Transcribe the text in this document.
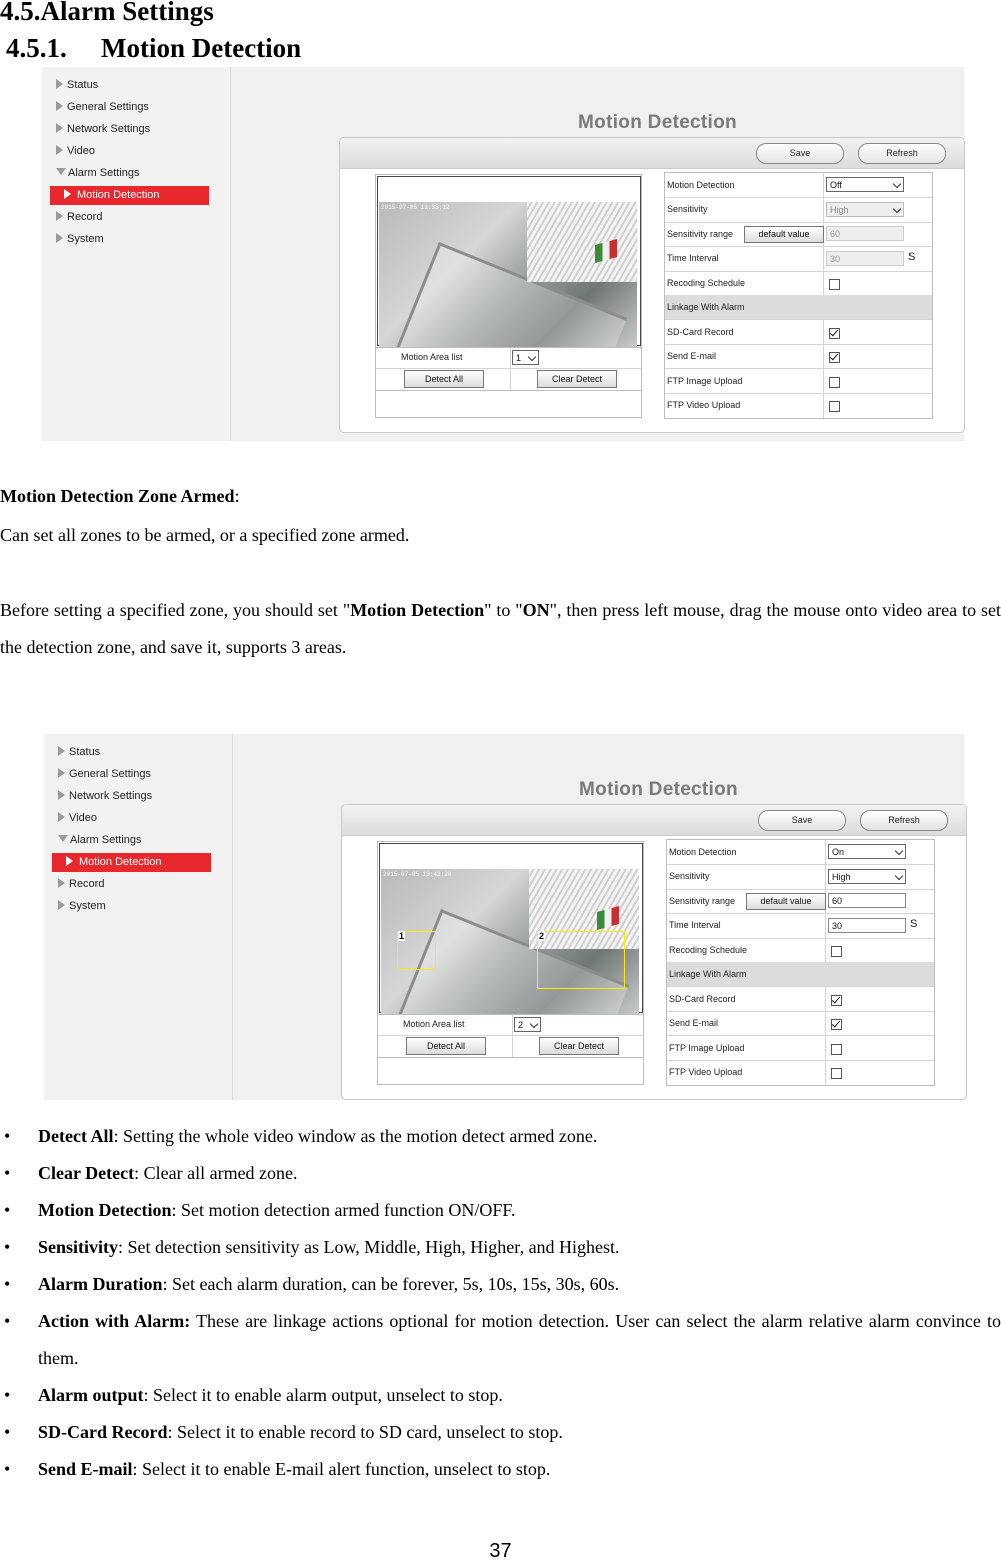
4.5.Alarm Settings
4.5.1. Motion Detection
Status
General Settings
Network Settings
Video
Alarm Settings
Motion Detection
Record
System
Motion Detection
Save	Refresh
2015-07-05 13:35:12
Motion Area list	1
Detect All	Clear Detect
Motion Detection	Off
Sensitivity	High
Sensitivity range	default value	60
Time Interval	30	S
Recoding Schedule
Linkage With Alarm
SD-Card Record
Send E-mail
FTP Image Upload
FTP Video Upload
Motion Detection Zone Armed:
Can set all zones to be armed, or a specified zone armed.
Before setting a specified zone, you should set "Motion Detection" to "ON", then press left mouse, drag the mouse onto video area to set the detection zone, and save it, supports 3 areas.
Status
General Settings
Network Settings
Video
Alarm Settings
Motion Detection
Record
System
Motion Detection
Save	Refresh
2015-07-05 13:42:20
1	2
Motion Area list	2
Detect All	Clear Detect
Motion Detection	On
Sensitivity	High
Sensitivity range	default value	60
Time Interval	30	S
Recoding Schedule
Linkage With Alarm
SD-Card Record
Send E-mail
FTP Image Upload
FTP Video Upload
• Detect All: Setting the whole video window as the motion detect armed zone.
• Clear Detect: Clear all armed zone.
• Motion Detection: Set motion detection armed function ON/OFF.
• Sensitivity: Set detection sensitivity as Low, Middle, High, Higher, and Highest.
• Alarm Duration: Set each alarm duration, can be forever, 5s, 10s, 15s, 30s, 60s.
• Action with Alarm: These are linkage actions optional for motion detection. User can select the alarm relative alarm convince to them.
• Alarm output: Select it to enable alarm output, unselect to stop.
• SD-Card Record: Select it to enable record to SD card, unselect to stop.
• Send E-mail: Select it to enable E-mail alert function, unselect to stop.
37
